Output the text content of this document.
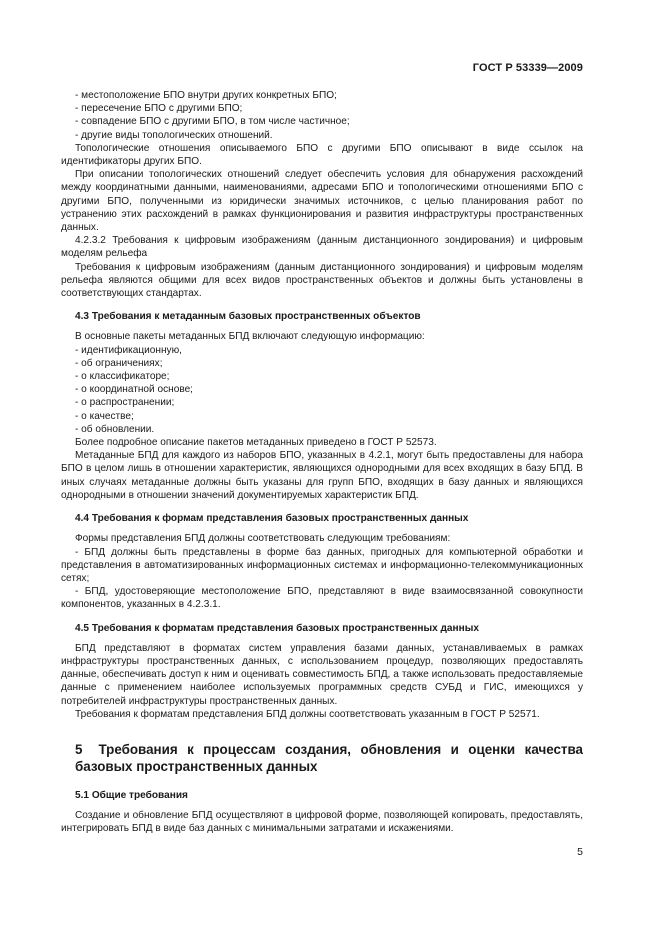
ГОСТ Р 53339—2009

- местоположение БПО внутри других конкретных БПО;

- пересечение БПО с другими БПО;

- совпадение БПО с другими БПО, в том числе частичное;

- другие виды топологических отношений.

Топологические отношения описываемого БПО с другими БПО описывают в виде ссылок на идентификаторы других БПО.

При описании топологических отношений следует обеспечить условия для обнаружения расхождений между координатными данными, наименованиями, адресами БПО и топологическими отношениями БПО с другими БПО, полученными из юридически значимых источников, с целью планирования работ по устранению этих расхождений в рамках функционирования и развития инфраструктуры пространственных данных.

4.2.3.2 Требования к цифровым изображениям (данным дистанционного зондирования) и цифровым моделям рельефа

Требования к цифровым изображениям (данным дистанционного зондирования) и цифровым моделям рельефа являются общими для всех видов пространственных объектов и должны быть установлены в соответствующих стандартах.

4.3 Требования к метаданным базовых пространственных объектов

В основные пакеты метаданных БПД включают следующую информацию:

- идентификационную,

- об ограничениях;

- о классификаторе;

- о координатной основе;

- о распространении;

- о качестве;

- об обновлении.

Более подробное описание пакетов метаданных приведено в ГОСТ Р 52573.

Метаданные БПД для каждого из наборов БПО, указанных в 4.2.1, могут быть предоставлены для набора БПО в целом лишь в отношении характеристик, являющихся однородными для всех входящих в базу БПД. В иных случаях метаданные должны быть указаны для групп БПО, входящих в базу данных и являющихся однородными в отношении значений документируемых характеристик БПД.

4.4 Требования к формам представления базовых пространственных данных

Формы представления БПД должны соответствовать следующим требованиям:

- БПД должны быть представлены в форме баз данных, пригодных для компьютерной обработки и представления в автоматизированных информационных системах и информационно-телекоммуникационных сетях;

- БПД, удостоверяющие местоположение БПО, представляют в виде взаимосвязанной совокупности компонентов, указанных в 4.2.3.1.

4.5 Требования к форматам представления базовых пространственных данных

БПД представляют в форматах систем управления базами данных, устанавливаемых в рамках инфраструктуры пространственных данных, с использованием процедур, позволяющих предоставлять данные, обеспечивать доступ к ним и оценивать совместимость БПД, а также использовать предоставляемые данные с применением наиболее используемых программных средств СУБД и ГИС, имеющихся у потребителей инфраструктуры пространственных данных.

Требования к форматам представления БПД должны соответствовать указанным в ГОСТ Р 52571.

5 Требования к процессам создания, обновления и оценки качества базовых пространственных данных

5.1 Общие требования

Создание и обновление БПД осуществляют в цифровой форме, позволяющей копировать, предоставлять, интегрировать БПД в виде баз данных с минимальными затратами и искажениями.

5
